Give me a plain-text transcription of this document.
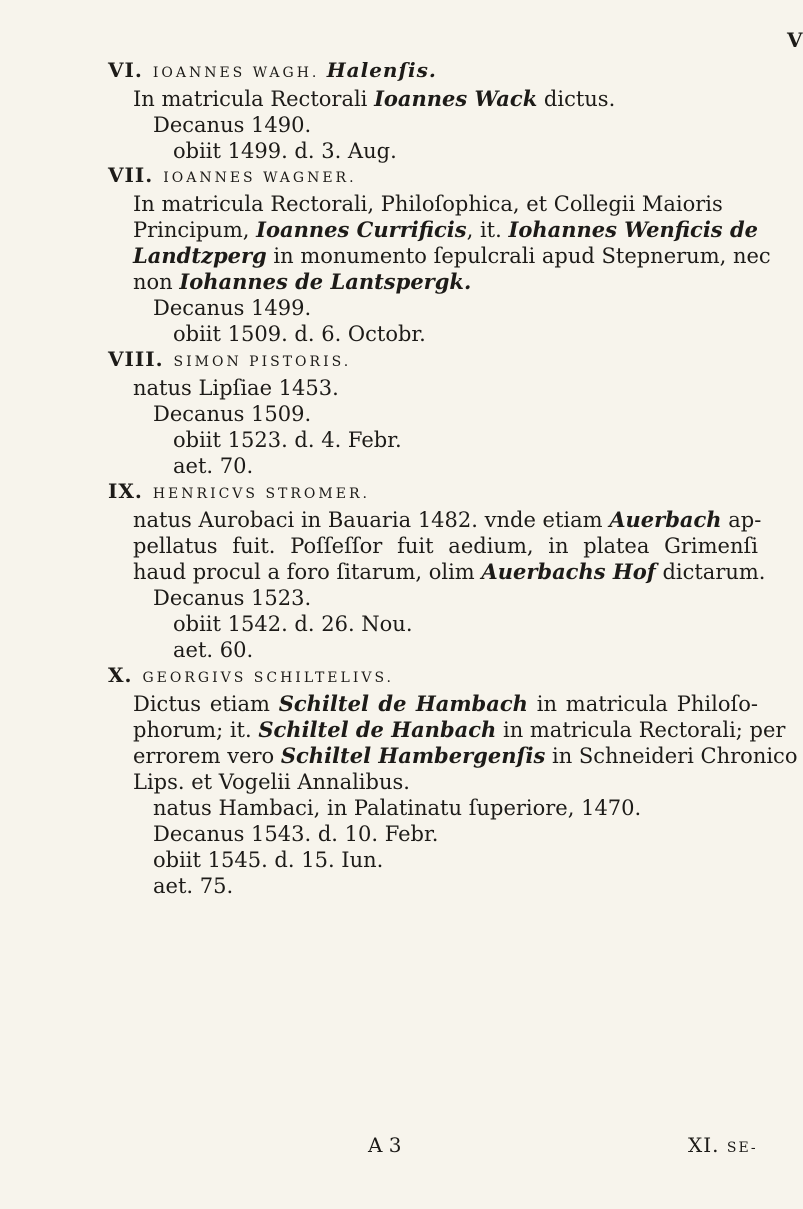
V
VI. IOANNES WAGH. Halenſis.
In matricula Rectorali Ioannes Wack dictus.
Decanus 1490.
obiit 1499. d. 3. Aug.
VII. IOANNES WAGNER.
In matricula Rectorali, Philoſophica, et Collegii Maioris
Principum, Ioannes Currificis, it. Iohannes Wenficis de
Landtzperg in monumento ſepulcrali apud Stepnerum, nec
non Iohannes de Lantspergk.
Decanus 1499.
obiit 1509. d. 6. Octobr.
VIII. SIMON PISTORIS.
natus Lipſiae 1453.
Decanus 1509.
obiit 1523. d. 4. Febr.
aet. 70.
IX. HENRICVS STROMER.
natus Aurobaci in Bauaria 1482. vnde etiam Auerbach ap-
pellatus fuit. Poſſeſſor fuit aedium, in platea Grimenſi
haud procul a foro ſitarum, olim Auerbachs Hof dictarum.
Decanus 1523.
obiit 1542. d. 26. Nou.
aet. 60.
X. GEORGIVS SCHILTELIVS.
Dictus etiam Schiltel de Hambach in matricula Philoſo-
phorum; it. Schiltel de Hanbach in matricula Rectorali; per
errorem vero Schiltel Hambergenſis in Schneideri Chronico
Lips. et Vogelii Annalibus.
natus Hambaci, in Palatinatu ſuperiore, 1470.
Decanus 1543. d. 10. Febr.
obiit 1545. d. 15. Iun.
aet. 75.
A 3	XI. SE-
